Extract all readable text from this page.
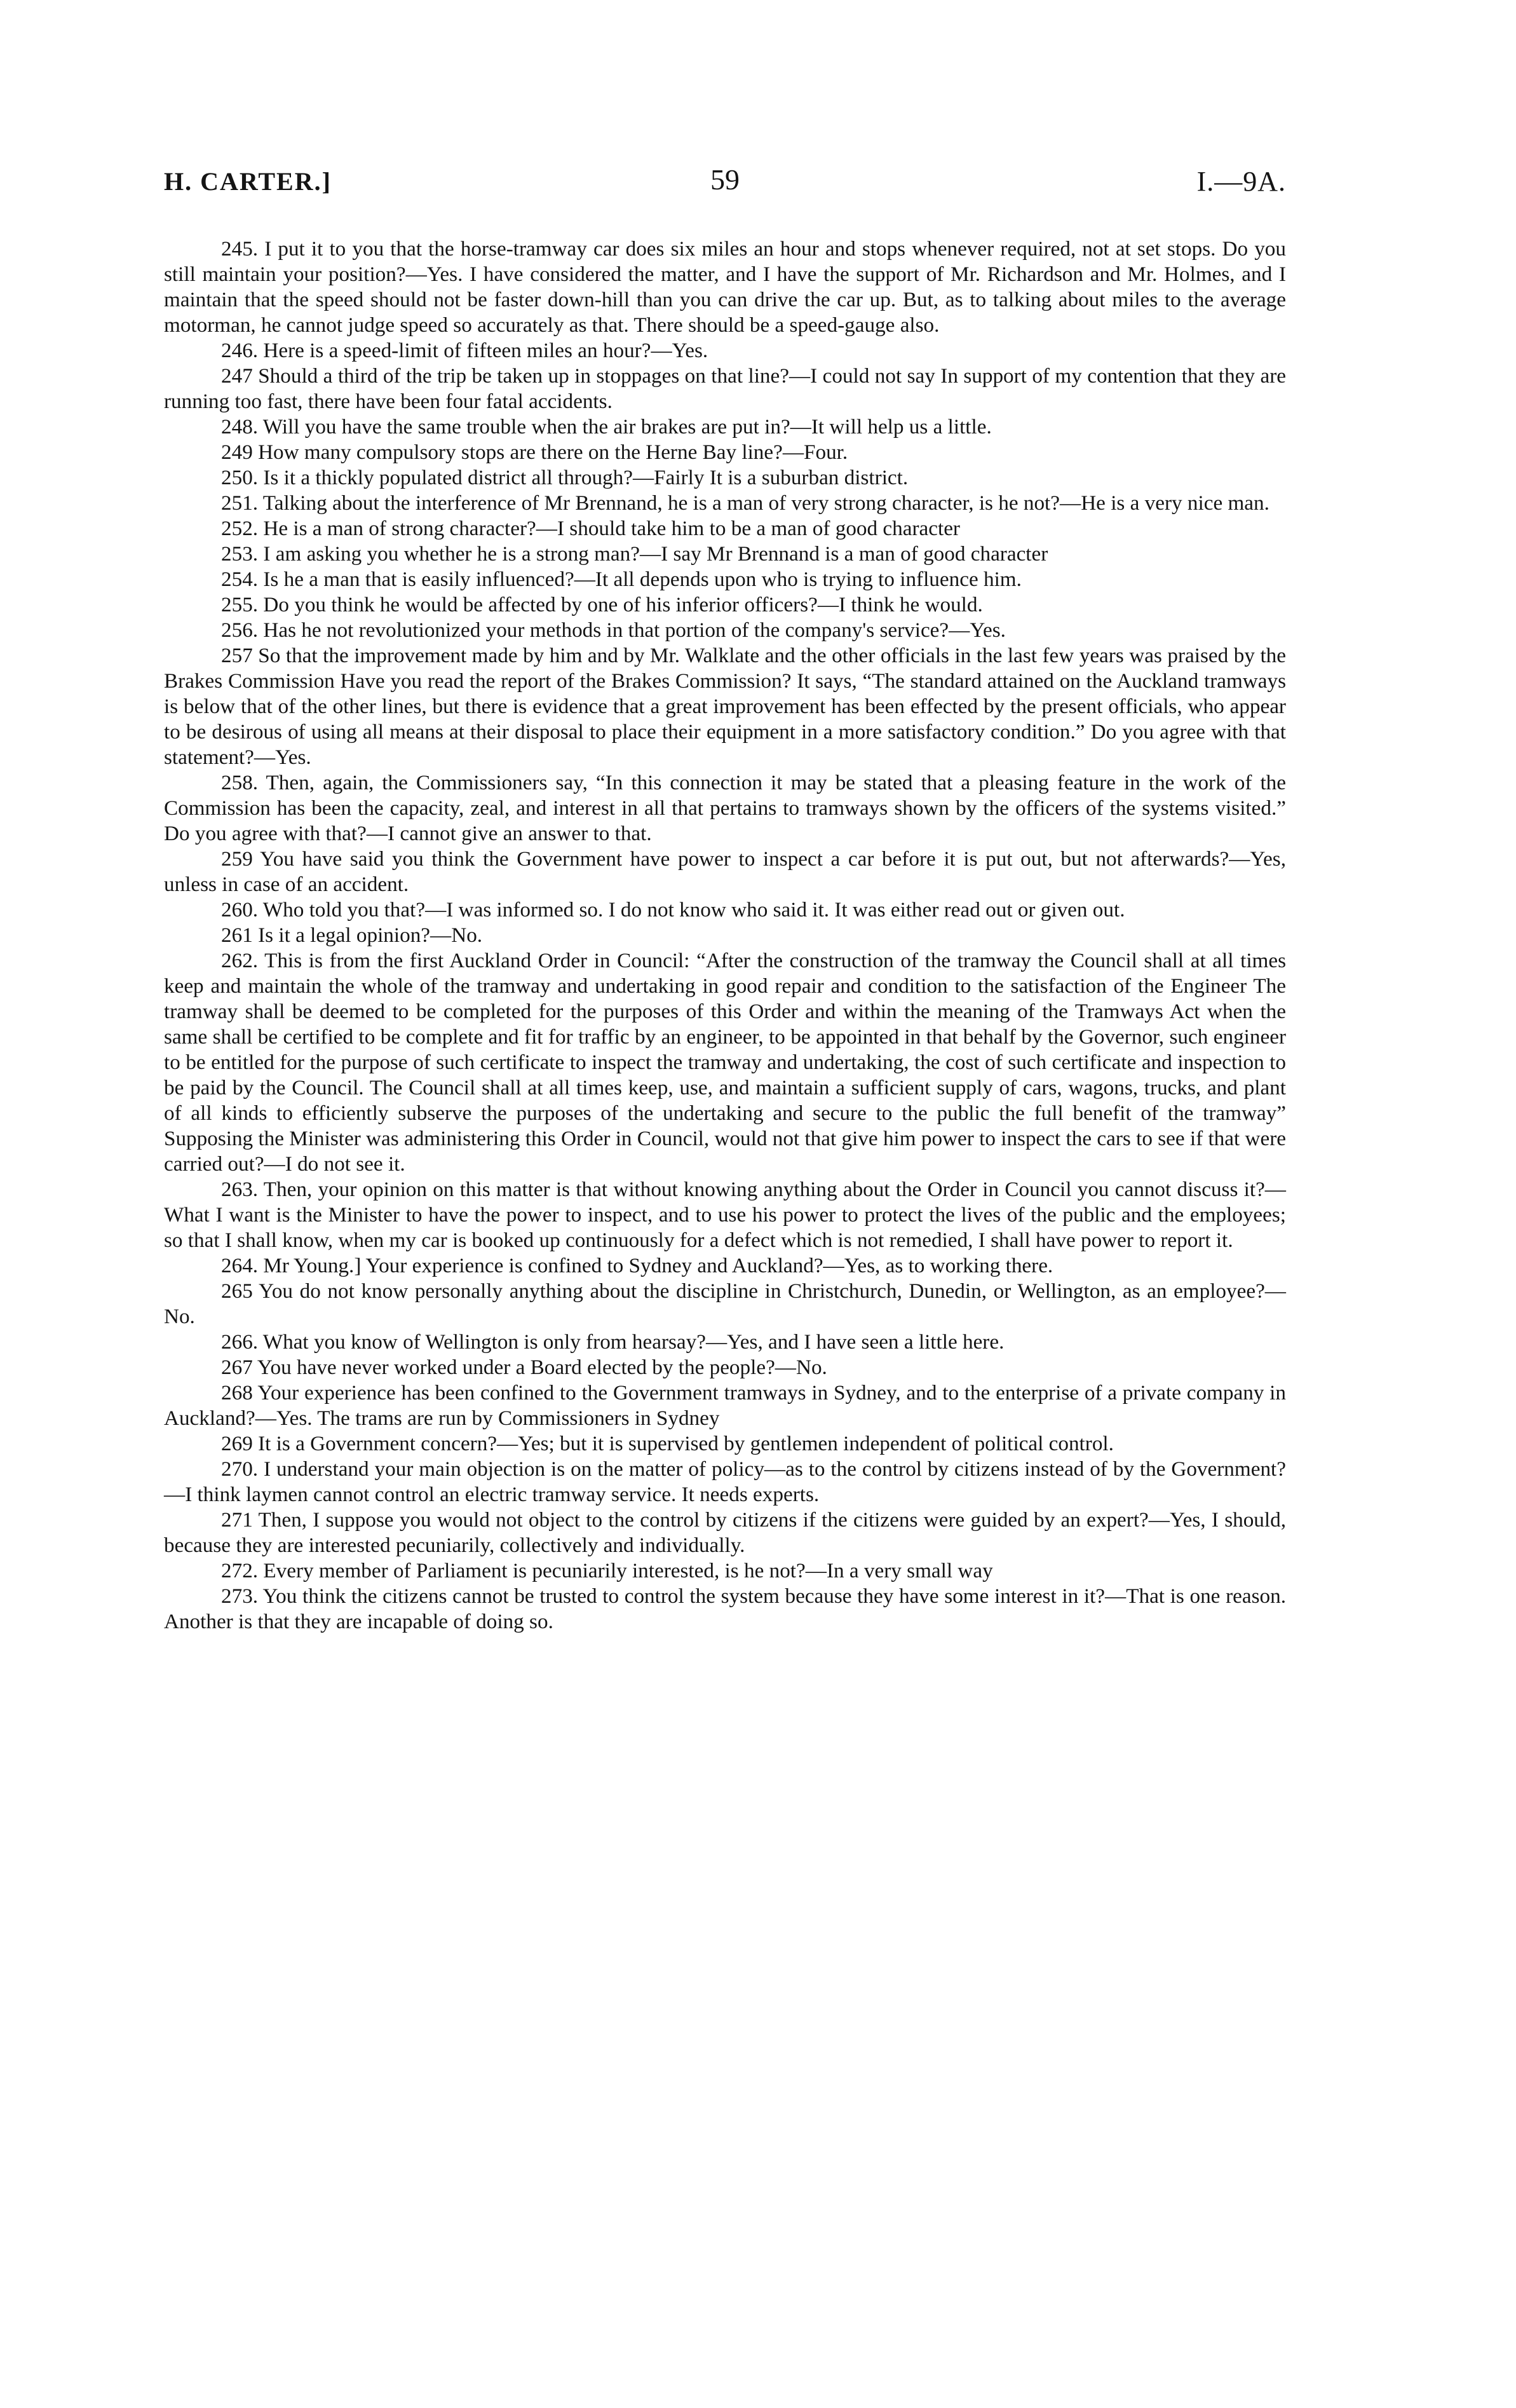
H. CARTER.]	59	I.—9A.

245. I put it to you that the horse-tramway car does six miles an hour and stops whenever required, not at set stops. Do you still maintain your position?—Yes. I have considered the matter, and I have the support of Mr. Richardson and Mr. Holmes, and I maintain that the speed should not be faster down-hill than you can drive the car up. But, as to talking about miles to the average motorman, he cannot judge speed so accurately as that. There should be a speed-gauge also.

246. Here is a speed-limit of fifteen miles an hour?—Yes.

247 Should a third of the trip be taken up in stoppages on that line?—I could not say In support of my contention that they are running too fast, there have been four fatal accidents.

248. Will you have the same trouble when the air brakes are put in?—It will help us a little.

249 How many compulsory stops are there on the Herne Bay line?—Four.

250. Is it a thickly populated district all through?—Fairly It is a suburban district.

251. Talking about the interference of Mr Brennand, he is a man of very strong character, is he not?—He is a very nice man.

252. He is a man of strong character?—I should take him to be a man of good character

253. I am asking you whether he is a strong man?—I say Mr Brennand is a man of good character

254. Is he a man that is easily influenced?—It all depends upon who is trying to influence him.

255. Do you think he would be affected by one of his inferior officers?—I think he would.

256. Has he not revolutionized your methods in that portion of the company's service?—Yes.

257 So that the improvement made by him and by Mr. Walklate and the other officials in the last few years was praised by the Brakes Commission Have you read the report of the Brakes Commission? It says, “The standard attained on the Auckland tramways is below that of the other lines, but there is evidence that a great improvement has been effected by the present officials, who appear to be desirous of using all means at their disposal to place their equipment in a more satisfactory condition.” Do you agree with that statement?—Yes.

258. Then, again, the Commissioners say, “In this connection it may be stated that a pleasing feature in the work of the Commission has been the capacity, zeal, and interest in all that pertains to tramways shown by the officers of the systems visited.” Do you agree with that?—I cannot give an answer to that.

259 You have said you think the Government have power to inspect a car before it is put out, but not afterwards?—Yes, unless in case of an accident.

260. Who told you that?—I was informed so. I do not know who said it. It was either read out or given out.

261 Is it a legal opinion?—No.

262. This is from the first Auckland Order in Council: “After the construction of the tramway the Council shall at all times keep and maintain the whole of the tramway and undertaking in good repair and condition to the satisfaction of the Engineer The tramway shall be deemed to be completed for the purposes of this Order and within the meaning of the Tramways Act when the same shall be certified to be complete and fit for traffic by an engineer, to be appointed in that behalf by the Governor, such engineer to be entitled for the purpose of such certificate to inspect the tramway and undertaking, the cost of such certificate and inspection to be paid by the Council. The Council shall at all times keep, use, and maintain a sufficient supply of cars, wagons, trucks, and plant of all kinds to efficiently subserve the purposes of the undertaking and secure to the public the full benefit of the tramway” Supposing the Minister was administering this Order in Council, would not that give him power to inspect the cars to see if that were carried out?—I do not see it.

263. Then, your opinion on this matter is that without knowing anything about the Order in Council you cannot discuss it?—What I want is the Minister to have the power to inspect, and to use his power to protect the lives of the public and the employees; so that I shall know, when my car is booked up continuously for a defect which is not remedied, I shall have power to report it.

264. Mr Young.] Your experience is confined to Sydney and Auckland?—Yes, as to working there.

265 You do not know personally anything about the discipline in Christchurch, Dunedin, or Wellington, as an employee?—No.

266. What you know of Wellington is only from hearsay?—Yes, and I have seen a little here.

267 You have never worked under a Board elected by the people?—No.

268 Your experience has been confined to the Government tramways in Sydney, and to the enterprise of a private company in Auckland?—Yes. The trams are run by Commissioners in Sydney

269 It is a Government concern?—Yes; but it is supervised by gentlemen independent of political control.

270. I understand your main objection is on the matter of policy—as to the control by citizens instead of by the Government?—I think laymen cannot control an electric tramway service. It needs experts.

271 Then, I suppose you would not object to the control by citizens if the citizens were guided by an expert?—Yes, I should, because they are interested pecuniarily, collectively and individually.

272. Every member of Parliament is pecuniarily interested, is he not?—In a very small way

273. You think the citizens cannot be trusted to control the system because they have some interest in it?—That is one reason. Another is that they are incapable of doing so.
